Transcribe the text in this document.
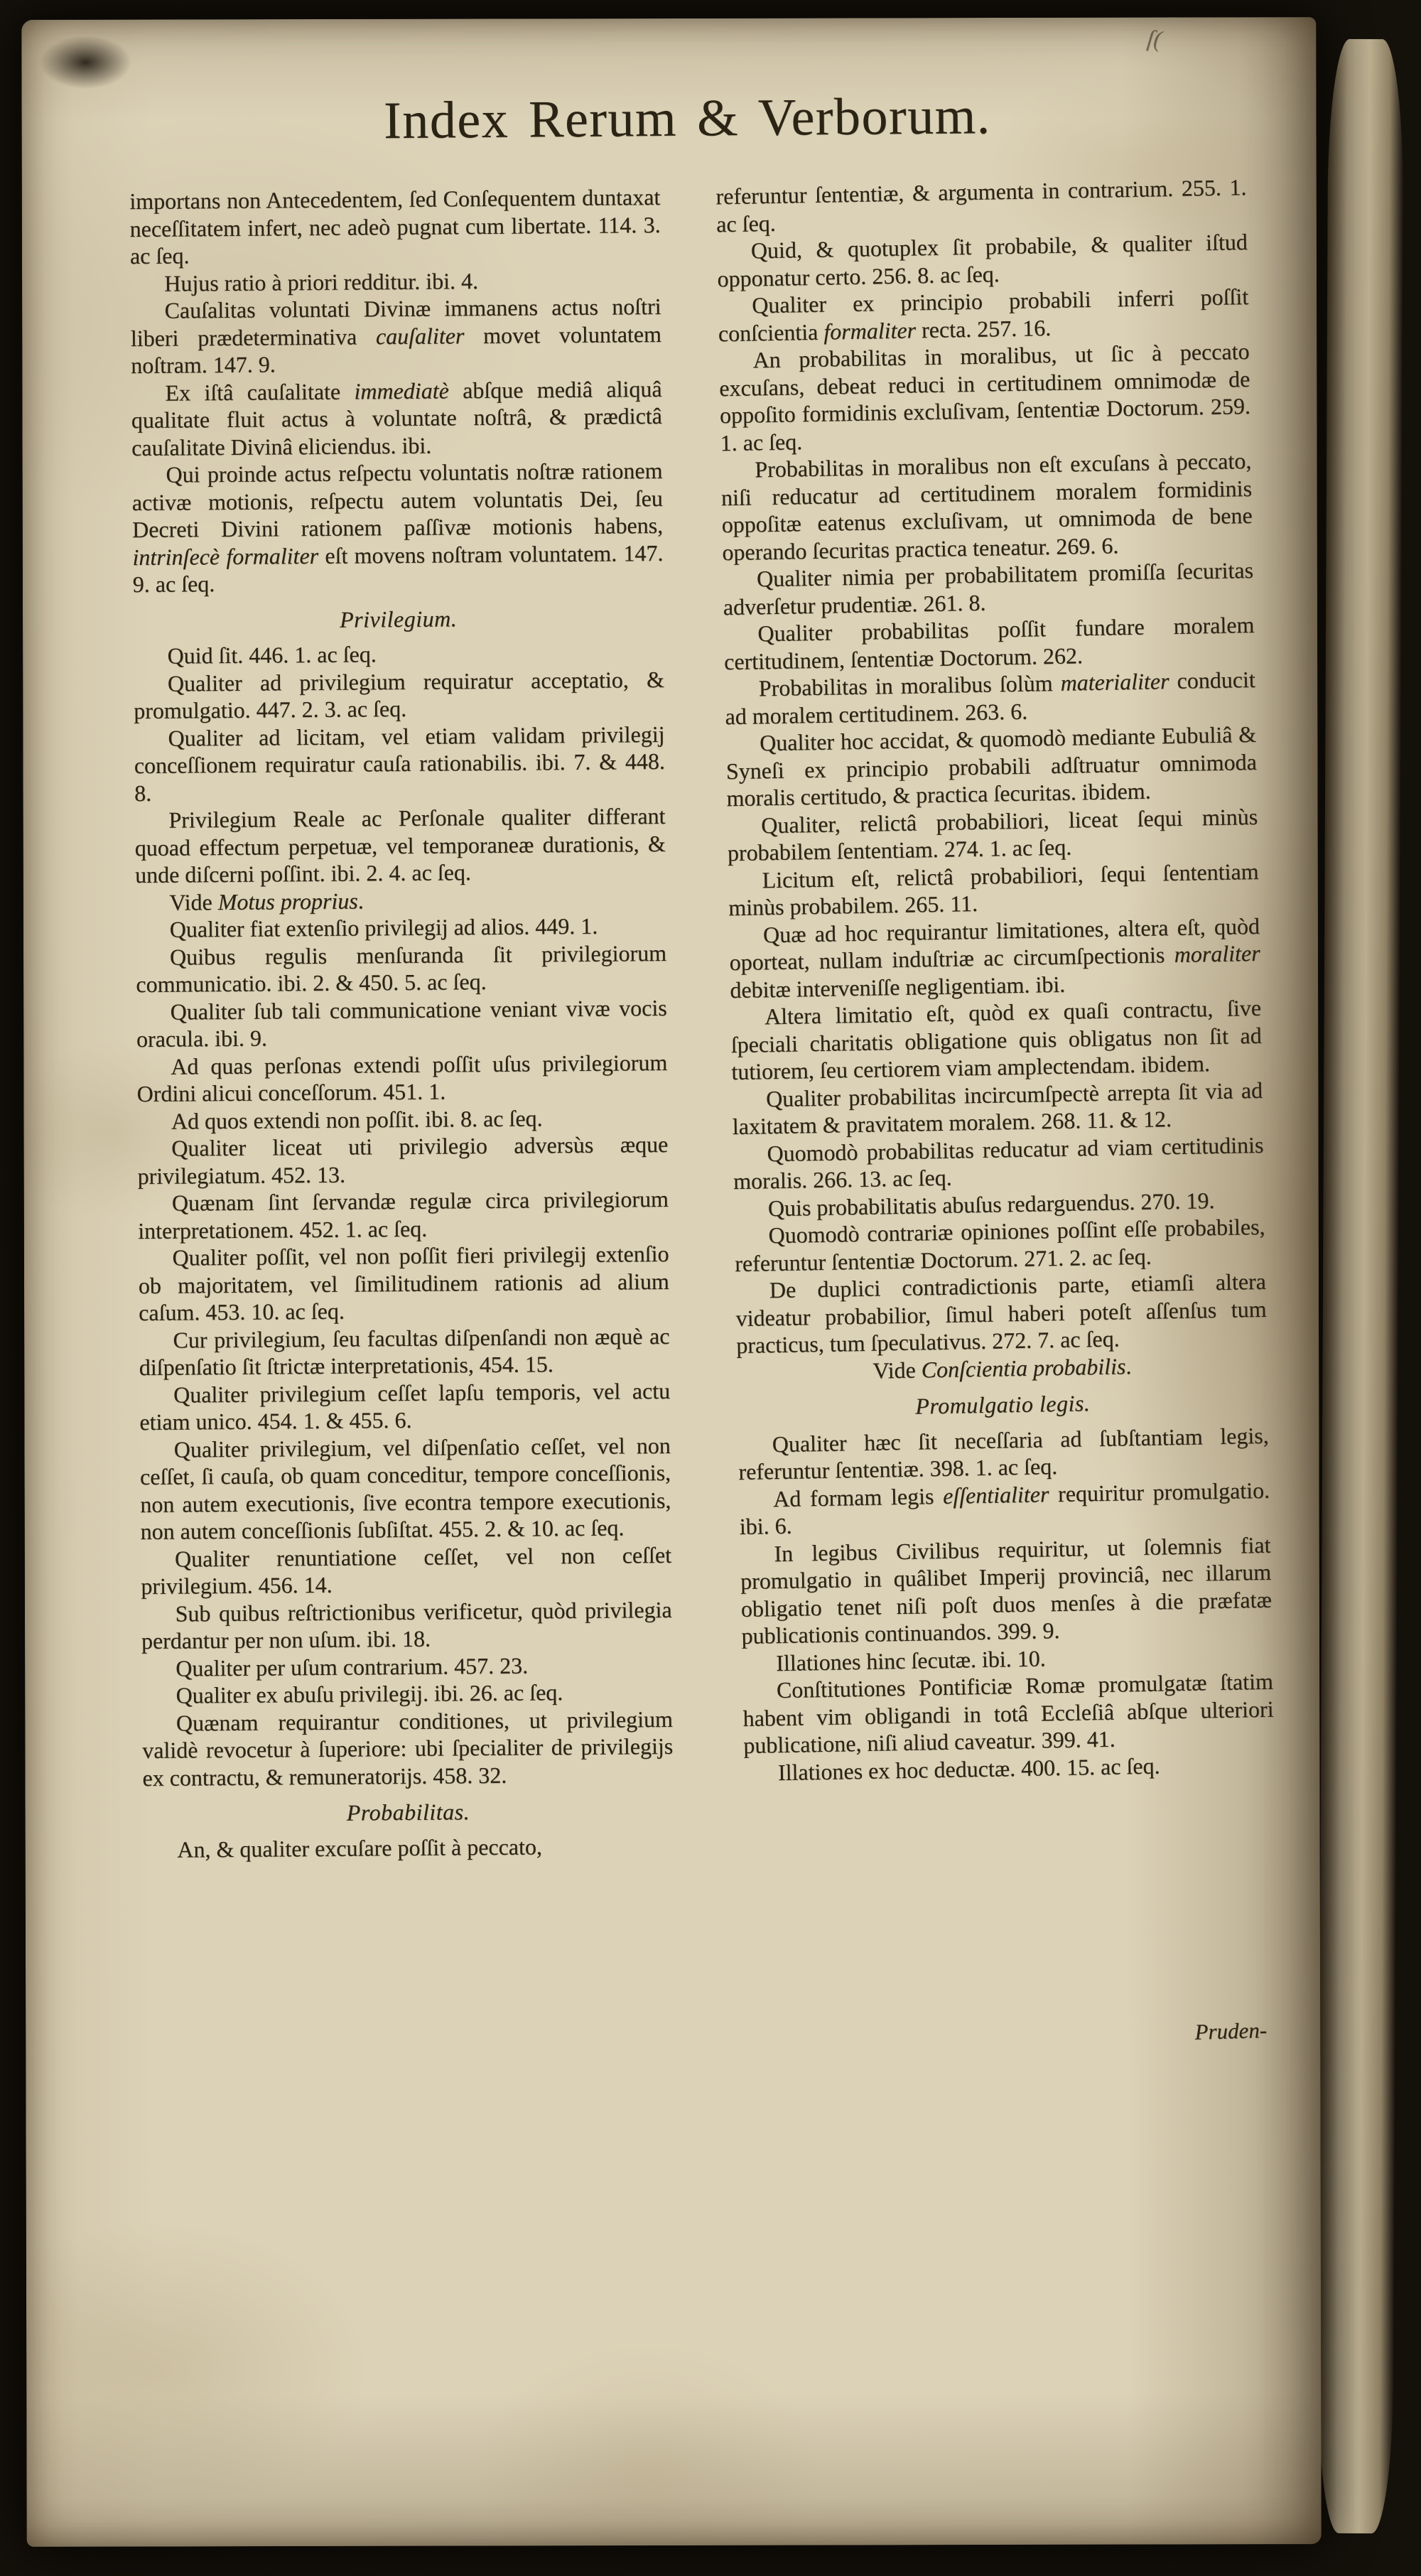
ſ(
Index Rerum & Verborum.

importans non Antecedentem, ſed Conſequentem duntaxat neceſſitatem infert, nec adeò pugnat cum libertate. 114. 3. ac ſeq.

Hujus ratio à priori redditur. ibi. 4.

Cauſalitas voluntati Divinæ immanens actus noſtri liberi prædeterminativa cauſaliter movet voluntatem noſtram. 147. 9.

Ex iſtâ cauſalitate immediatè abſque mediâ aliquâ qualitate fluit actus à voluntate noſtrâ, & prædictâ cauſalitate Divinâ eliciendus. ibi.

Qui proinde actus reſpectu voluntatis noſtræ rationem activæ motionis, reſpectu autem voluntatis Dei, ſeu Decreti Divini rationem paſſivæ motionis habens, intrinſecè formaliter eſt movens noſtram voluntatem. 147. 9. ac ſeq.

Privilegium.

Quid ſit. 446. 1. ac ſeq.

Qualiter ad privilegium requiratur acceptatio, & promulgatio. 447. 2. 3. ac ſeq.

Qualiter ad licitam, vel etiam validam privilegij conceſſionem requiratur cauſa rationabilis. ibi. 7. & 448. 8.

Privilegium Reale ac Perſonale qualiter differant quoad effectum perpetuæ, vel temporaneæ durationis, & unde diſcerni poſſint. ibi. 2. 4. ac ſeq.

Vide Motus proprius.

Qualiter fiat extenſio privilegij ad alios. 449. 1.

Quibus regulis menſuranda ſit privilegiorum communicatio. ibi. 2. & 450. 5. ac ſeq.

Qualiter ſub tali communicatione veniant vivæ vocis oracula. ibi. 9.

Ad quas perſonas extendi poſſit uſus privilegiorum Ordini alicui conceſſorum. 451. 1.

Ad quos extendi non poſſit. ibi. 8. ac ſeq.

Qualiter liceat uti privilegio adversùs æque privilegiatum. 452. 13.

Quænam ſint ſervandæ regulæ circa privilegiorum interpretationem. 452. 1. ac ſeq.

Qualiter poſſit, vel non poſſit fieri privilegij extenſio ob majoritatem, vel ſimilitudinem rationis ad alium caſum. 453. 10. ac ſeq.

Cur privilegium, ſeu facultas diſpenſandi non æquè ac diſpenſatio ſit ſtrictæ interpretationis, 454. 15.

Qualiter privilegium ceſſet lapſu temporis, vel actu etiam unico. 454. 1. & 455. 6.

Qualiter privilegium, vel diſpenſatio ceſſet, vel non ceſſet, ſi cauſa, ob quam conceditur, tempore conceſſionis, non autem executionis, ſive econtra tempore executionis, non autem conceſſionis ſubſiſtat. 455. 2. & 10. ac ſeq.

Qualiter renuntiatione ceſſet, vel non ceſſet privilegium. 456. 14.

Sub quibus reſtrictionibus verificetur, quòd privilegia perdantur per non uſum. ibi. 18.

Qualiter per uſum contrarium. 457. 23.

Qualiter ex abuſu privilegij. ibi. 26. ac ſeq.

Quænam requirantur conditiones, ut privilegium validè revocetur à ſuperiore: ubi ſpecialiter de privilegijs ex contractu, & remuneratorijs. 458. 32.

Probabilitas.

An, & qualiter excuſare poſſit à peccato,

referuntur ſententiæ, & argumenta in contrarium. 255. 1. ac ſeq.

Quid, & quotuplex ſit probabile, & qualiter iſtud opponatur certo. 256. 8. ac ſeq.

Qualiter ex principio probabili inferri poſſit conſcientia formaliter recta. 257. 16.

An probabilitas in moralibus, ut ſic à peccato excuſans, debeat reduci in certitudinem omnimodæ de oppoſito formidinis excluſivam, ſententiæ Doctorum. 259. 1. ac ſeq.

Probabilitas in moralibus non eſt excuſans à peccato, niſi reducatur ad certitudinem moralem formidinis oppoſitæ eatenus excluſivam, ut omnimoda de bene operando ſecuritas practica teneatur. 269. 6.

Qualiter nimia per probabilitatem promiſſa ſecuritas adverſetur prudentiæ. 261. 8.

Qualiter probabilitas poſſit fundare moralem certitudinem, ſententiæ Doctorum. 262.

Probabilitas in moralibus ſolùm materialiter conducit ad moralem certitudinem. 263. 6.

Qualiter hoc accidat, & quomodò mediante Eubuliâ & Syneſi ex principio probabili adſtruatur omnimoda moralis certitudo, & practica ſecuritas. ibidem.

Qualiter, relictâ probabiliori, liceat ſequi minùs probabilem ſententiam. 274. 1. ac ſeq.

Licitum eſt, relictâ probabiliori, ſequi ſententiam minùs probabilem. 265. 11.

Quæ ad hoc requirantur limitationes, altera eſt, quòd oporteat, nullam induſtriæ ac circumſpectionis moraliter debitæ interveniſſe negligentiam. ibi.

Altera limitatio eſt, quòd ex quaſi contractu, ſive ſpeciali charitatis obligatione quis obligatus non ſit ad tutiorem, ſeu certiorem viam amplectendam. ibidem.

Qualiter probabilitas incircumſpectè arrepta ſit via ad laxitatem & pravitatem moralem. 268. 11. & 12.

Quomodò probabilitas reducatur ad viam certitudinis moralis. 266. 13. ac ſeq.

Quis probabilitatis abuſus redarguendus. 270. 19.

Quomodò contrariæ opiniones poſſint eſſe probabiles, referuntur ſententiæ Doctorum. 271. 2. ac ſeq.

De duplici contradictionis parte, etiamſi altera videatur probabilior, ſimul haberi poteſt aſſenſus tum practicus, tum ſpeculativus. 272. 7. ac ſeq.

Vide Conſcientia probabilis.

Promulgatio legis.

Qualiter hæc ſit neceſſaria ad ſubſtantiam legis, referuntur ſententiæ. 398. 1. ac ſeq.

Ad formam legis eſſentialiter requiritur promulgatio. ibi. 6.

In legibus Civilibus requiritur, ut ſolemnis fiat promulgatio in quâlibet Imperij provinciâ, nec illarum obligatio tenet niſi poſt duos menſes à die præfatæ publicationis continuandos. 399. 9.

Illationes hinc ſecutæ. ibi. 10.

Conſtitutiones Pontificiæ Romæ promulgatæ ſtatim habent vim obligandi in totâ Eccleſiâ abſque ulteriori publicatione, niſi aliud caveatur. 399. 41.

Illationes ex hoc deductæ. 400. 15. ac ſeq.

Pruden-
